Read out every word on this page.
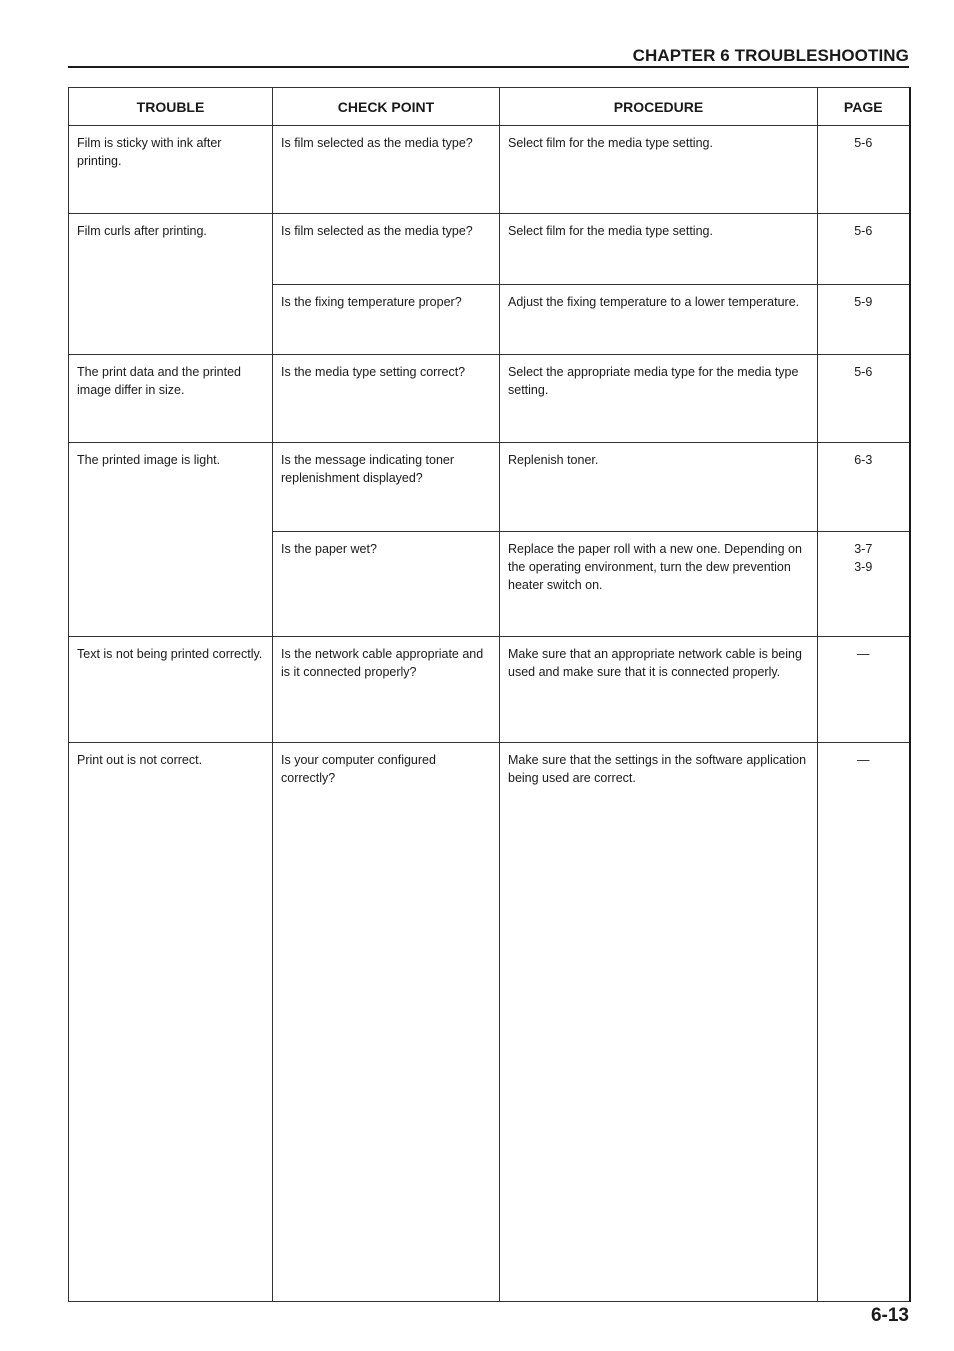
CHAPTER 6 TROUBLESHOOTING
TROUBLE	CHECK POINT	PROCEDURE	PAGE
Film is sticky with ink after printing.	Is film selected as the media type?	Select film for the media type setting.	5-6

Film curls after printing.	Is film selected as the media type?	Select film for the media type setting.	5-6

	Is the fixing temperature proper?	Adjust the fixing temperature to a lower temperature.	5-9

The print data and the printed image differ in size.	Is the media type setting correct?	Select the appropriate media type for the media type setting.	5-6

The printed image is light.	Is the message indicating toner replenishment displayed?	Replenish toner.	6-3

	Is the paper wet?	Replace the paper roll with a new one. Depending on the operating environment, turn the dew prevention heater switch on.	3-7
3-9

Text is not being printed correctly.	Is the network cable appropriate and is it connected properly?	Make sure that an appropriate network cable is being used and make sure that it is connected properly.	—

Print out is not correct.	Is your computer configured correctly?	Make sure that the settings in the software application being used are correct.	—
6-13
